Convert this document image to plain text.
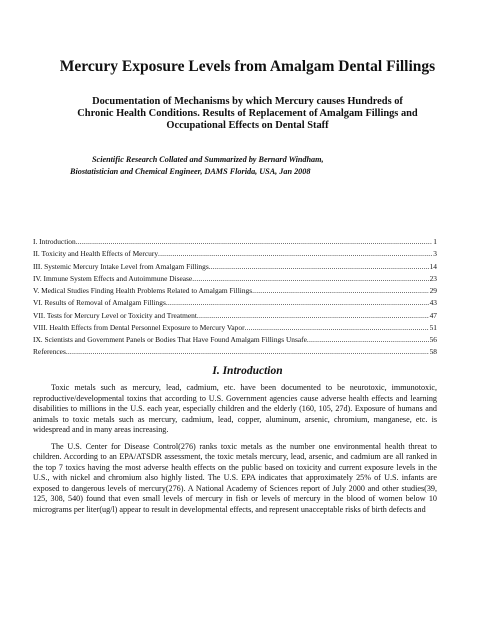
Mercury Exposure Levels from Amalgam Dental Fillings
Documentation of Mechanisms by which Mercury causes Hundreds of
Chronic Health Conditions. Results of Replacement of Amalgam Fillings and
Occupational Effects on Dental Staff
Scientific Research Collated and Summarized by Bernard Windham,
Biostatistician and Chemical Engineer, DAMS Florida, USA, Jan 2008
I. Introduction .....	1
II. Toxicity and Health Effects of Mercury .....	3
III. Systemic Mercury Intake Level from Amalgam Fillings .....	14
IV. Immune System Effects and Autoimmune Disease .....	23
V. Medical Studies Finding Health Problems Related to Amalgam Fillings .....	29
VI. Results of Removal of Amalgam Fillings .....	43
VII. Tests for Mercury Level or Toxicity and Treatment .....	47
VIII. Health Effects from Dental Personnel Exposure to Mercury Vapor .....	51
IX. Scientists and Government Panels or Bodies That Have Found Amalgam Fillings Unsafe .....	56
References .....	58
I. Introduction

Toxic metals such as mercury, lead, cadmium, etc. have been documented to be neurotoxic, immunotoxic, reproductive/developmental toxins that according to U.S. Government agencies cause adverse health effects and learning disabilities to millions in the U.S. each year, especially children and the elderly (160, 105, 27d). Exposure of humans and animals to toxic metals such as mercury, cadmium, lead, copper, aluminum, arsenic, chromium, manganese, etc. is widespread and in many areas increasing.

The U.S. Center for Disease Control(276) ranks toxic metals as the number one environmental health threat to children. According to an EPA/ATSDR assessment, the toxic metals mercury, lead, arsenic, and cadmium are all ranked in the top 7 toxics having the most adverse health effects on the public based on toxicity and current exposure levels in the U.S., with nickel and chromium also highly listed. The U.S. EPA indicates that approximately 25% of U.S. infants are exposed to dangerous levels of mercury(276). A National Academy of Sciences report of July 2000 and other studies(39, 125, 308, 540) found that even small levels of mercury in fish or levels of mercury in the blood of women below 10 micrograms per liter(ug/l) appear to result in developmental effects, and represent unacceptable risks of birth defects and
